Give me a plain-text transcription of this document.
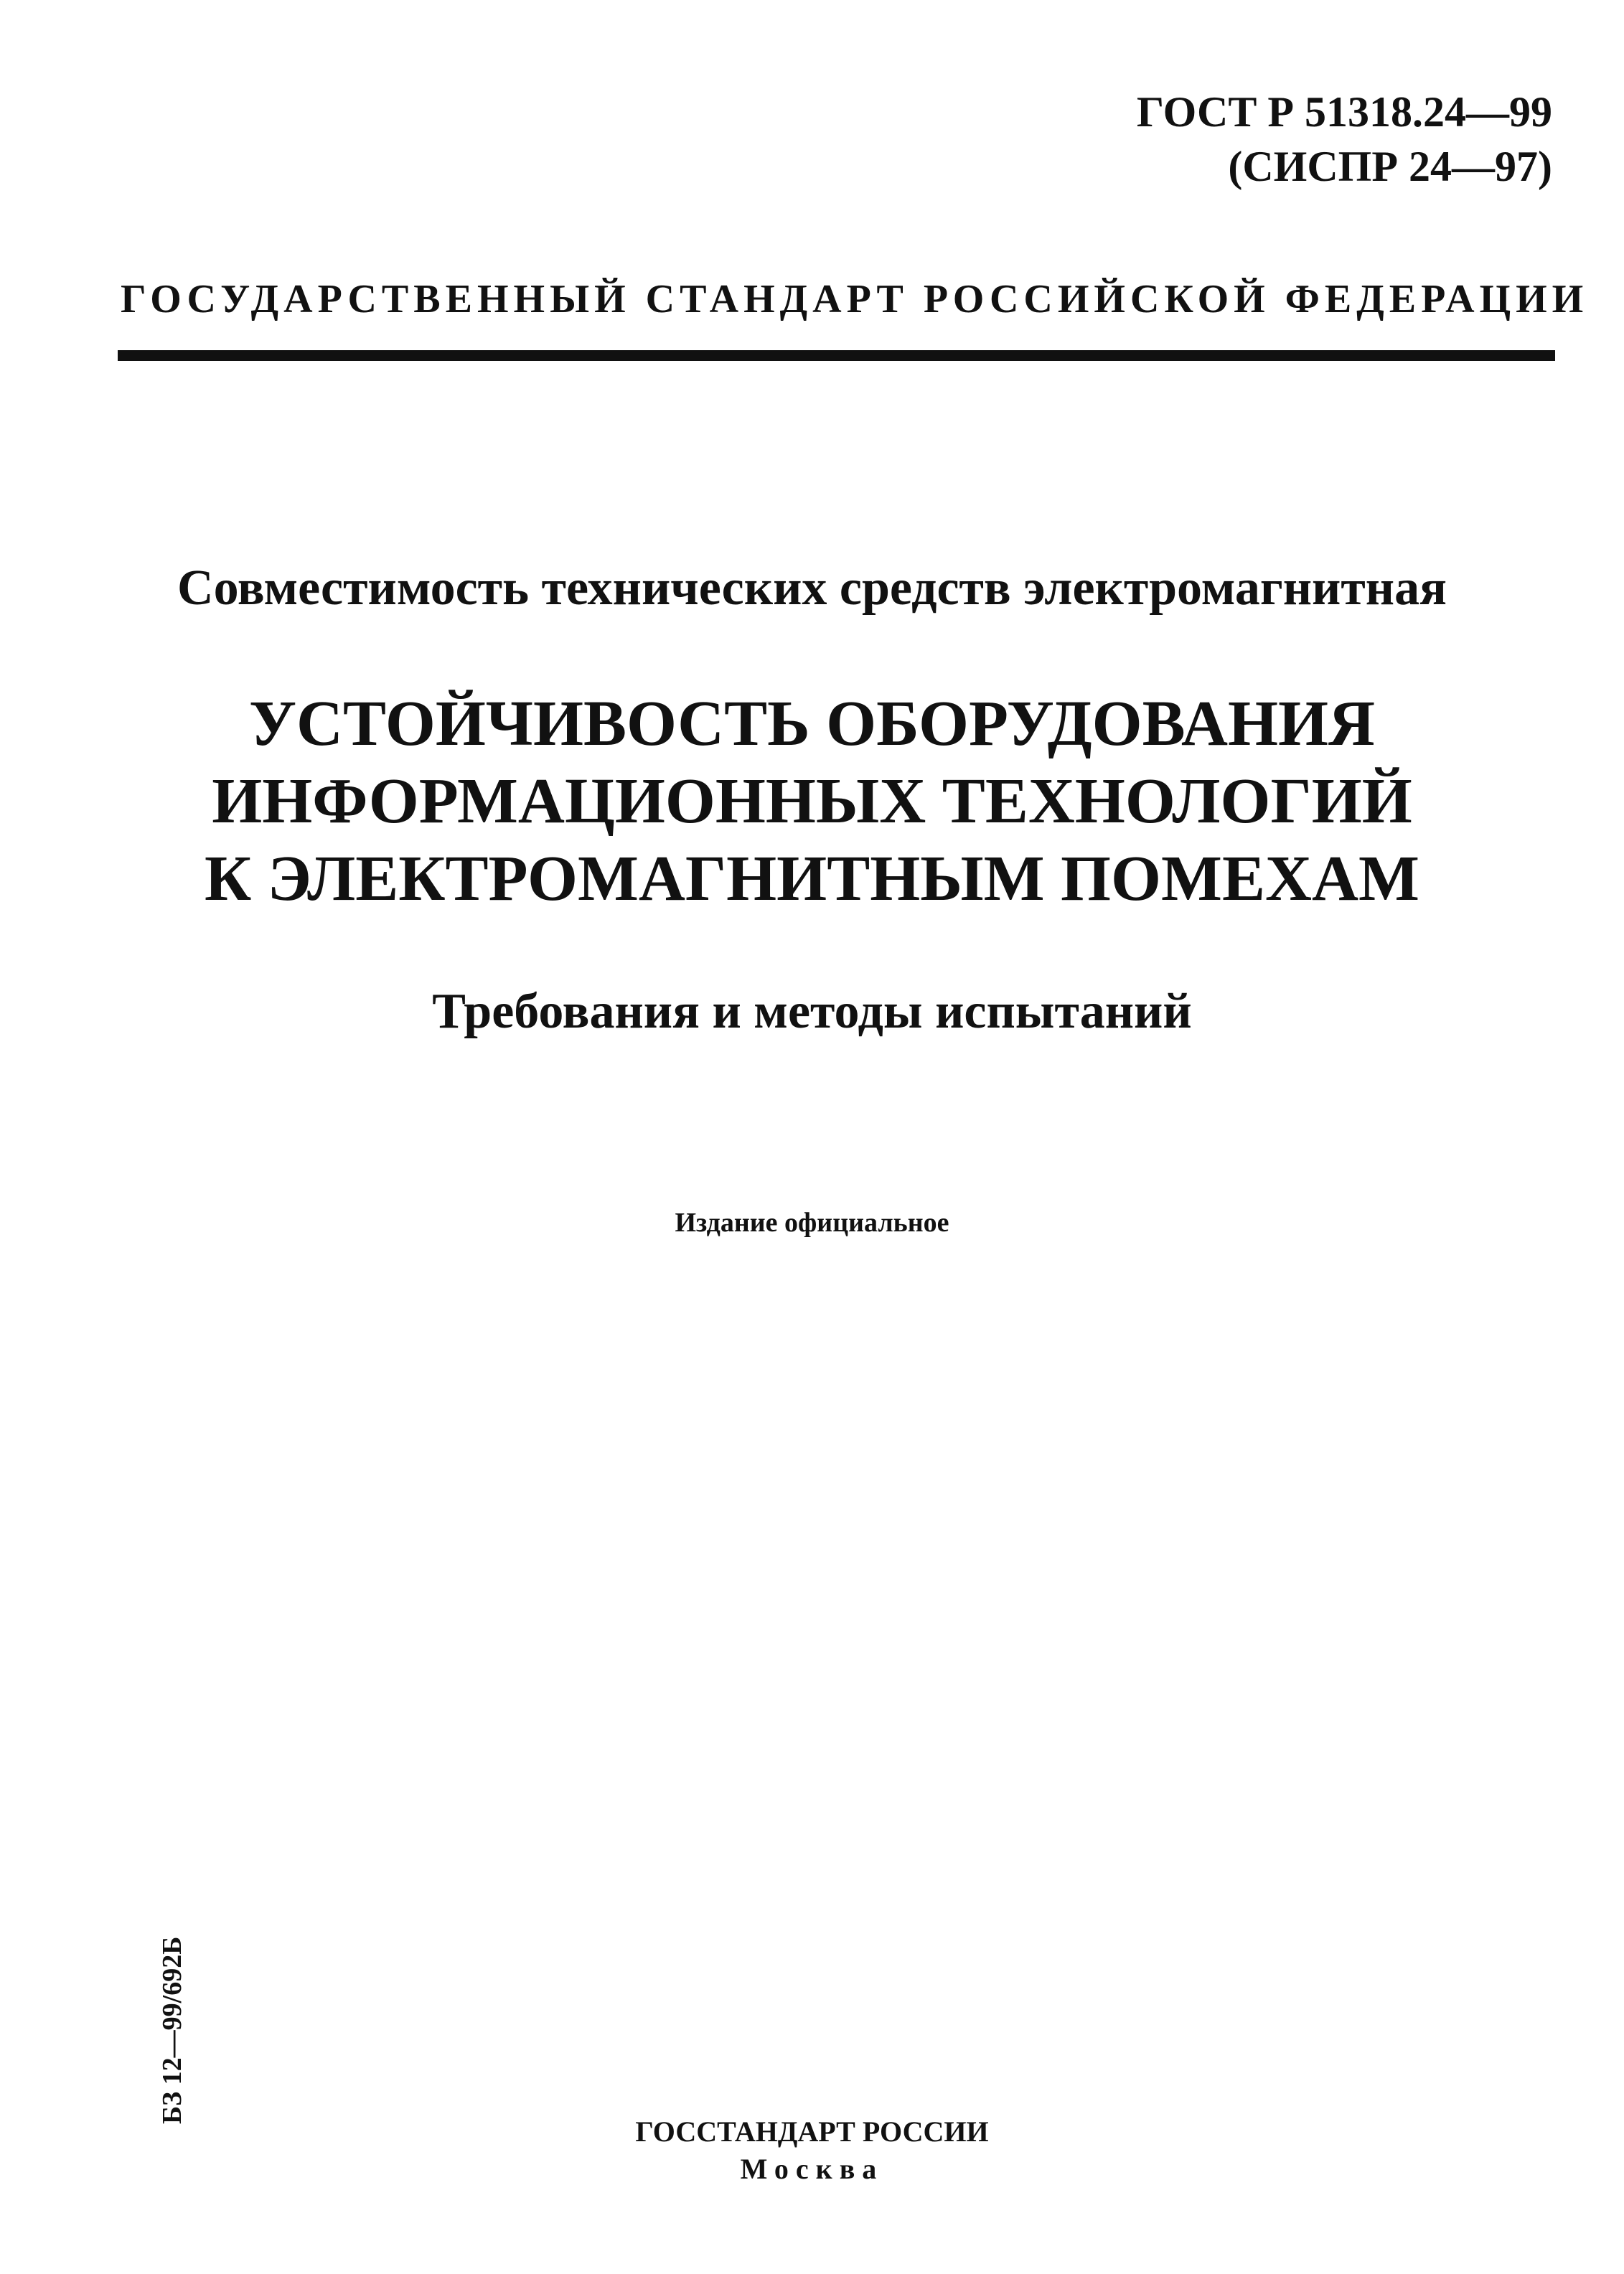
ГОСТ Р 51318.24—99
(СИСПР 24—97)
ГОСУДАРСТВЕННЫЙ СТАНДАРТ РОССИЙСКОЙ ФЕДЕРАЦИИ
Совместимость технических средств электромагнитная
УСТОЙЧИВОСТЬ ОБОРУДОВАНИЯ
ИНФОРМАЦИОННЫХ ТЕХНОЛОГИЙ
К ЭЛЕКТРОМАГНИТНЫМ ПОМЕХАМ
Требования и методы испытаний
Издание официальное
БЗ 12—99/692Б
ГОССТАНДАРТ РОССИИ
Москва
